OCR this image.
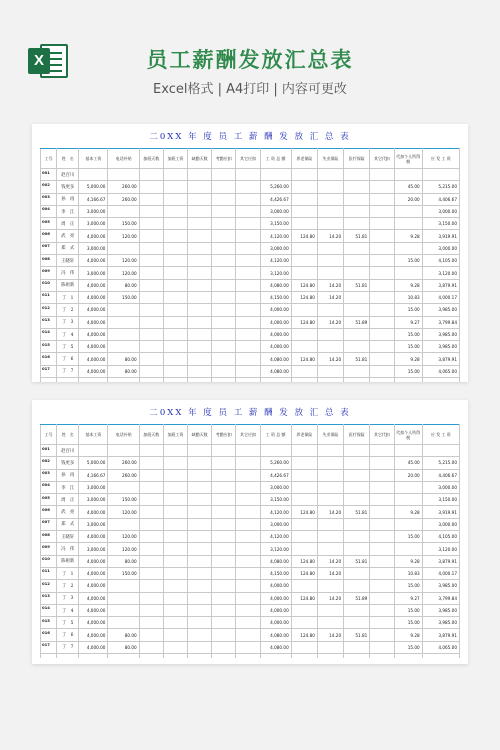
X	员工薪酬发放汇总表
Excel格式 | A4打印 | 内容可更改
二0XX 年 度 员 工 薪 酬 发 放 汇 总 表
工号	姓　名	基本工资	电话补贴	加班天数	加班工资	缺勤天数	考勤应扣	其它应扣	工 资 总 额	养老保险	失业保险	医疗保险	其它代扣	代扣个人所得税	应 发 工 资
001	赵百川														
002	钱更多	5,000.00	260.00						5,260.00					45.00	5,215.00
003	孙　再	4,166.67	260.00						4,426.67					20.00	4,406.67
004	李　江	3,000.00							3,000.00						3,000.00
005	周　正	3,000.00	150.00						3,150.00						3,150.00
006	武　亮	4,000.00	120.00						4,120.00	124.80	14.20	51.81		9.28	3,919.91
007	郑　式	3,000.00							3,000.00						3,000.00
008	王晓轩	4,000.00	120.00						4,120.00					15.00	4,105.00
009	冯　伟	3,000.00	120.00						3,120.00						3,120.00
010	陈祖新	4,000.00	80.00						4,080.00	124.80	14.20	51.81		9.28	3,879.91
011	丁　1	4,000.00	150.00						4,150.00	124.80	14.20			10.83	4,000.17
012	丁　2	4,000.00							4,000.00					15.00	3,985.00
013	丁　3	4,000.00							4,000.00	124.80	14.20	51.89		9.27	3,799.84
014	丁　4	4,000.00							4,000.00					15.00	3,985.00
015	丁　5	4,000.00							4,000.00					15.00	3,985.00
016	丁　6	4,000.00	80.00						4,080.00	124.80	14.20	51.81		9.28	3,879.91
017	丁　7	4,000.00	80.00						4,080.00					15.00	4,065.00

二0XX 年 度 员 工 薪 酬 发 放 汇 总 表
工号	姓　名	基本工资	电话补贴	加班天数	加班工资	缺勤天数	考勤应扣	其它应扣	工 资 总 额	养老保险	失业保险	医疗保险	其它代扣	代扣个人所得税	应 发 工 资
001	赵百川														
002	钱更多	5,000.00	260.00						5,260.00					45.00	5,215.00
003	孙　再	4,166.67	260.00						4,426.67					20.00	4,406.67
004	李　江	3,000.00							3,000.00						3,000.00
005	周　正	3,000.00	150.00						3,150.00						3,150.00
006	武　亮	4,000.00	120.00						4,120.00	124.80	14.20	51.81		9.28	3,919.91
007	郑　式	3,000.00							3,000.00						3,000.00
008	王晓轩	4,000.00	120.00						4,120.00					15.00	4,105.00
009	冯　伟	3,000.00	120.00						3,120.00						3,120.00
010	陈祖新	4,000.00	80.00						4,080.00	124.80	14.20	51.81		9.28	3,879.91
011	丁　1	4,000.00	150.00						4,150.00	124.80	14.20			10.83	4,000.17
012	丁　2	4,000.00							4,000.00					15.00	3,985.00
013	丁　3	4,000.00							4,000.00	124.80	14.20	51.89		9.27	3,799.84
014	丁　4	4,000.00							4,000.00					15.00	3,985.00
015	丁　5	4,000.00							4,000.00					15.00	3,985.00
016	丁　6	4,000.00	80.00						4,080.00	124.80	14.20	51.81		9.28	3,879.91
017	丁　7	4,000.00	80.00						4,080.00					15.00	4,065.00
